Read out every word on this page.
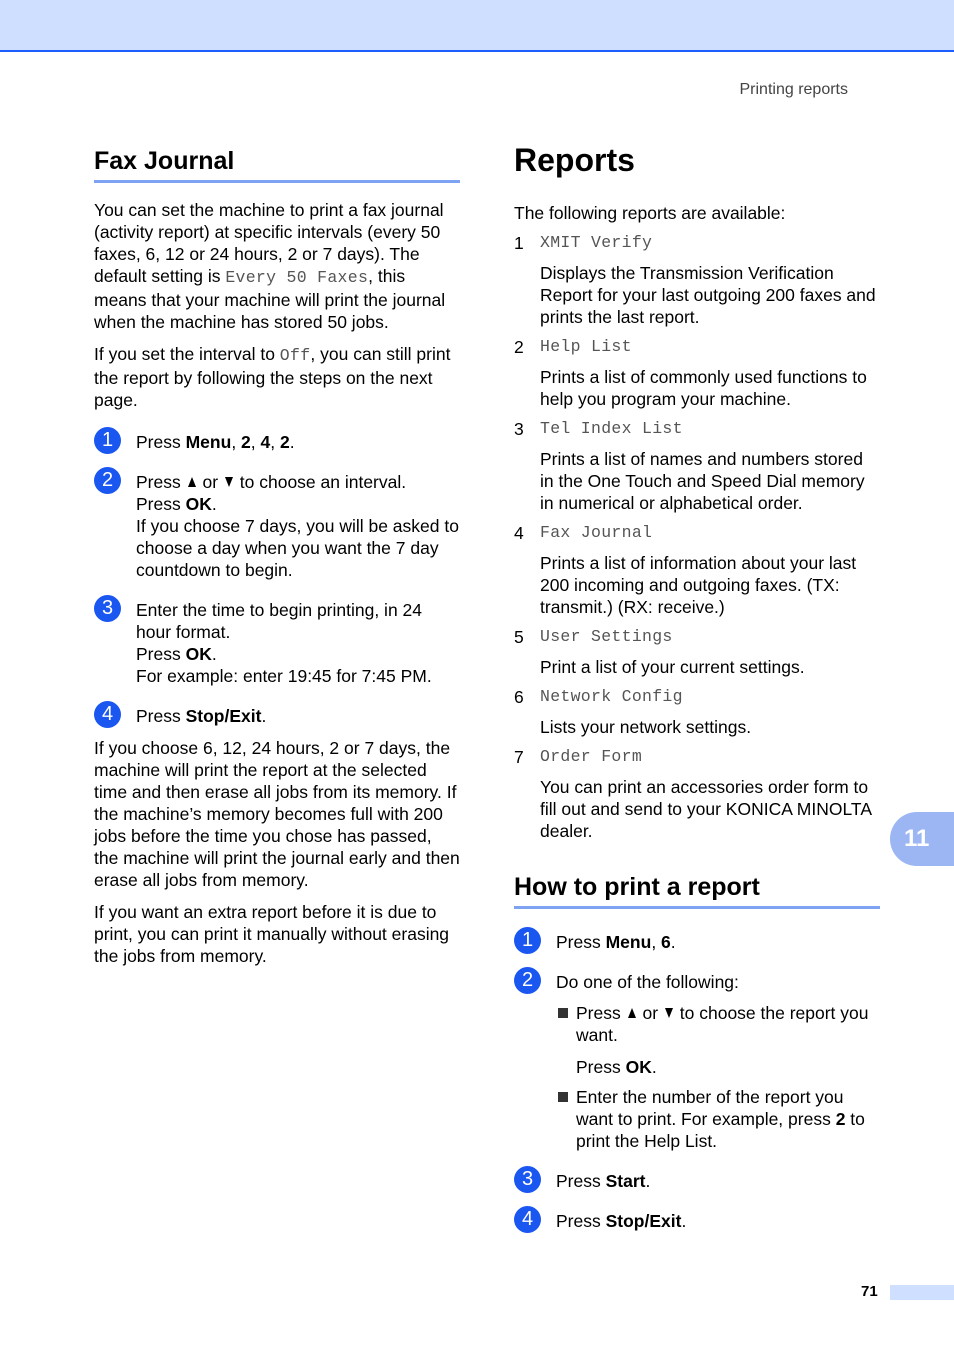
Printing reports
Fax Journal

You can set the machine to print a fax journal (activity report) at specific intervals (every 50 faxes, 6, 12 or 24 hours, 2 or 7 days). The default setting is Every 50 Faxes, this means that your machine will print the journal when the machine has stored 50 jobs.

If you set the interval to Off, you can still print the report by following the steps on the next page.

1	Press Menu, 2, 4, 2.
2	Press  or  to choose an interval.
Press OK.
If you choose 7 days, you will be asked to choose a day when you want the 7 day countdown to begin.
3	Enter the time to begin printing, in 24 hour format.
Press OK.
For example: enter 19:45 for 7:45 PM.
4	Press Stop/Exit.

If you choose 6, 12, 24 hours, 2 or 7 days, the machine will print the report at the selected time and then erase all jobs from its memory. If the machine’s memory becomes full with 200 jobs before the time you chose has passed, the machine will print the journal early and then erase all jobs from memory.

If you want an extra report before it is due to print, you can print it manually without erasing the jobs from memory.

Reports

The following reports are available:

1 XMIT Verify
Displays the Transmission Verification Report for your last outgoing 200 faxes and prints the last report.
2 Help List
Prints a list of commonly used functions to help you program your machine.
3 Tel Index List
Prints a list of names and numbers stored in the One Touch and Speed Dial memory in numerical or alphabetical order.
4 Fax Journal
Prints a list of information about your last 200 incoming and outgoing faxes. (TX: transmit.) (RX: receive.)
5 User Settings
Print a list of your current settings.
6 Network Config
Lists your network settings.
7 Order Form
You can print an accessories order form to fill out and send to your KONICA MINOLTA dealer.
How to print a report
1	Press Menu, 6.
2	Do one of the following:
Press  or  to choose the report you want.
Press OK.
Enter the number of the report you want to print. For example, press 2 to print the Help List.
3	Press Start.
4	Press Stop/Exit.
11
71
